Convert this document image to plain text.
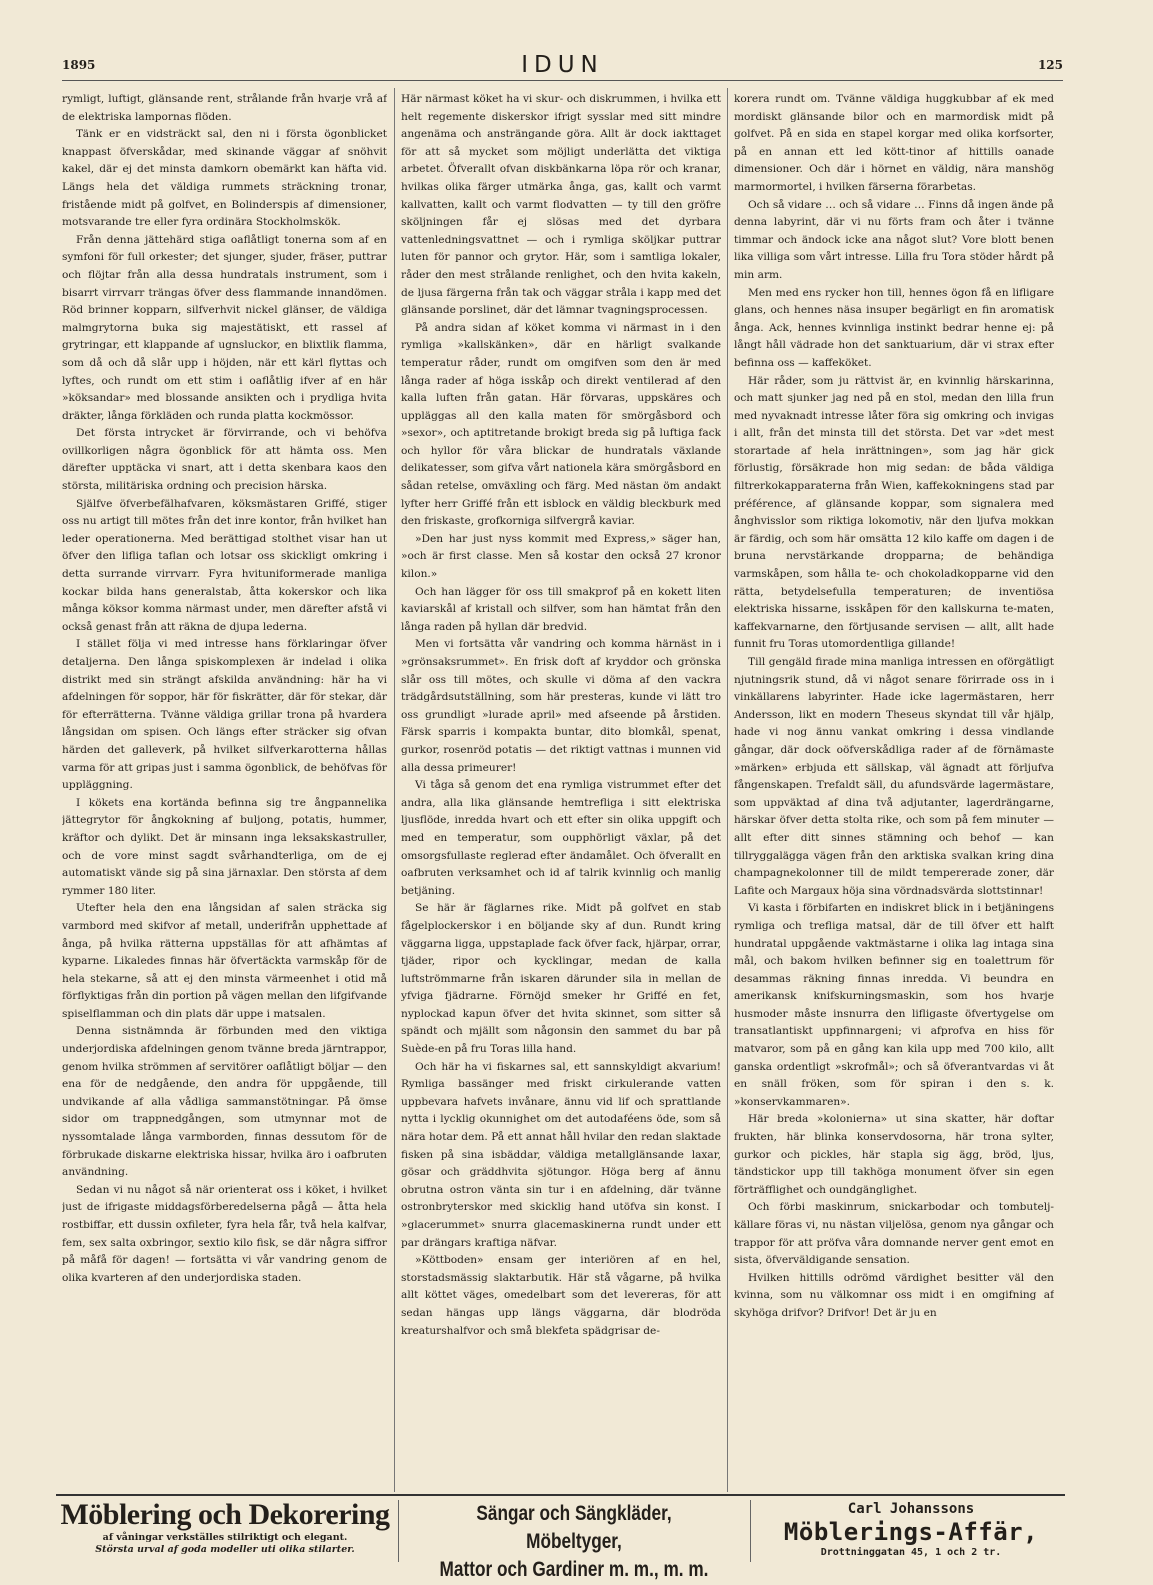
1895	IDUN	125

rymligt, luftigt, glänsande rent, strålande från hvarje vrå af de elektriska lampornas flöden.

Tänk er en vidsträckt sal, den ni i första ögonblicket knappast öfverskådar, med skinande väggar af snöhvit kakel, där ej det minsta damkorn obemärkt kan häfta vid. Längs hela det väldiga rummets sträckning tronar, fristående midt på golfvet, en Bolinderspis af dimensioner, motsvarande tre eller fyra ordinära Stockholmskök.

Från denna jättehärd stiga oaflåtligt tonerna som af en symfoni för full orkester; det sjunger, sjuder, fräser, puttrar och flöjtar från alla dessa hundratals instrument, som i bisarrt virrvarr trängas öfver dess flammande innandömen. Röd brinner kopparn, silfverhvit nickel glänser, de väldiga malmgrytorna buka sig majestätiskt, ett rassel af grytringar, ett klappande af ugnsluckor, en blixtlik flamma, som då och då slår upp i höjden, när ett kärl flyttas och lyftes, och rundt om ett stim i oaflåtlig ifver af en här »köksandar» med blossande ansikten och i prydliga hvita dräkter, långa förkläden och runda platta kockmössor.

Det första intrycket är förvirrande, och vi behöfva ovillkorligen några ögonblick för att hämta oss. Men därefter upptäcka vi snart, att i detta skenbara kaos den största, militäriska ordning och precision härska.

Själfve öfverbefälhafvaren, köksmästaren Griffé, stiger oss nu artigt till mötes från det inre kontor, från hvilket han leder operationerna. Med berättigad stolthet visar han ut öfver den lifliga taflan och lotsar oss skickligt omkring i detta surrande virrvarr. Fyra hvituniformerade manliga kockar bilda hans generalstab, åtta kokerskor och lika många köksor komma närmast under, men därefter afstå vi också genast från att räkna de djupa lederna.

I stället följa vi med intresse hans förklaringar öfver detaljerna. Den långa spiskomplexen är indelad i olika distrikt med sin strängt afskilda användning: här ha vi afdelningen för soppor, här för fiskrätter, där för stekar, där för efterrätterna. Tvänne väldiga grillar trona på hvardera långsidan om spisen. Och längs efter sträcker sig ofvan härden det galleverk, på hvilket silfverkarotterna hållas varma för att gripas just i samma ögonblick, de behöfvas för uppläggning.

I kökets ena kortända befinna sig tre ångpannelika jättegrytor för ångkokning af buljong, potatis, hummer, kräftor och dylikt. Det är minsann inga leksakskastruller, och de vore minst sagdt svårhandterliga, om de ej automatiskt vände sig på sina järnaxlar. Den största af dem rymmer 180 liter.

Utefter hela den ena långsidan af salen sträcka sig varmbord med skifvor af metall, underifrån upphettade af ånga, på hvilka rätterna uppställas för att afhämtas af kyparne. Likaledes finnas här öfvertäckta varmskåp för de hela stekarne, så att ej den minsta värmeenhet i otid må förflyktigas från din portion på vägen mellan den lifgifvande spiselflamman och din plats där uppe i matsalen.

Denna sistnämnda är förbunden med den viktiga underjordiska afdelningen genom tvänne breda järntrappor, genom hvilka strömmen af servitörer oaflåtligt böljar — den ena för de nedgående, den andra för uppgående, till undvikande af alla vådliga sammanstötningar. På ömse sidor om trappnedgången, som utmynnar mot de nyssomtalade långa varmborden, finnas dessutom för de förbrukade diskarne elektriska hissar, hvilka äro i oafbruten användning.

Sedan vi nu något så när orienterat oss i köket, i hvilket just de ifrigaste middagsförberedelserna pågå — åtta hela rostbiffar, ett dussin oxfileter, fyra hela får, två hela kalfvar, fem, sex salta oxbringor, sextio kilo fisk, se där några siffror på måfå för dagen! — fortsätta vi vår vandring genom de olika kvarteren af den underjordiska staden.

Här närmast köket ha vi skur- och diskrummen, i hvilka ett helt regemente diskerskor ifrigt sysslar med sitt mindre angenäma och ansträngande göra. Allt är dock iakttaget för att så mycket som möjligt underlätta det viktiga arbetet. Öfverallt ofvan diskbänkarna löpa rör och kranar, hvilkas olika färger utmärka ånga, gas, kallt och varmt kallvatten, kallt och varmt flodvatten — ty till den gröfre sköljningen får ej slösas med det dyrbara vattenledningsvattnet — och i rymliga sköljkar puttrar luten för pannor och grytor. Här, som i samtliga lokaler, råder den mest strålande renlighet, och den hvita kakeln, de ljusa färgerna från tak och väggar stråla i kapp med det glänsande porslinet, där det lämnar tvagningsprocessen.

På andra sidan af köket komma vi närmast in i den rymliga »kallskänken», där en härligt svalkande temperatur råder, rundt om omgifven som den är med långa rader af höga isskåp och direkt ventilerad af den kalla luften från gatan. Här förvaras, uppskäres och uppläggas all den kalla maten för smörgåsbord och »sexor», och aptitretande brokigt breda sig på luftiga fack och hyllor för våra blickar de hundratals växlande delikatesser, som gifva vårt nationela kära smörgåsbord en sådan retelse, omväxling och färg. Med nästan öm andakt lyfter herr Griffé från ett isblock en väldig bleckburk med den friskaste, grofkorniga silfvergrå kaviar.

»Den har just nyss kommit med Express,» säger han, »och är first classe. Men så kostar den också 27 kronor kilon.»

Och han lägger för oss till smakprof på en kokett liten kaviarskål af kristall och silfver, som han hämtat från den långa raden på hyllan där bredvid.

Men vi fortsätta vår vandring och komma härnäst in i »grönsaksrummet». En frisk doft af kryddor och grönska slår oss till mötes, och skulle vi döma af den vackra trädgårdsutställning, som här presteras, kunde vi lätt tro oss grundligt »lurade april» med afseende på årstiden. Färsk sparris i kompakta buntar, dito blomkål, spenat, gurkor, rosenröd potatis — det riktigt vattnas i munnen vid alla dessa primeurer!

Vi tåga så genom det ena rymliga vistrummet efter det andra, alla lika glänsande hemtrefliga i sitt elektriska ljusflöde, inredda hvart och ett efter sin olika uppgift och med en temperatur, som oupphörligt växlar, på det omsorgsfullaste reglerad efter ändamålet. Och öfverallt en oafbruten verksamhet och id af talrik kvinnlig och manlig betjäning.

Se här är fäglarnes rike. Midt på golfvet en stab fågelplockerskor i en böljande sky af dun. Rundt kring väggarna ligga, uppstaplade fack öfver fack, hjärpar, orrar, tjäder, ripor och kycklingar, medan de kalla luftströmmarne från iskaren därunder sila in mellan de yfviga fjädrarne. Förnöjd smeker hr Griffé en fet, nyplockad kapun öfver det hvita skinnet, som sitter så spändt och mjällt som någonsin den sammet du bar på Suède-en på fru Toras lilla hand.

Och här ha vi fiskarnes sal, ett sannskyldigt akvarium! Rymliga bassänger med friskt cirkulerande vatten uppbevara hafvets invånare, ännu vid lif och sprattlande nytta i lycklig okunnighet om det autodaféens öde, som så nära hotar dem. På ett annat håll hvilar den redan slaktade fisken på sina isbäddar, väldiga metallglänsande laxar, gösar och gräddhvita sjötungor. Höga berg af ännu obrutna ostron vänta sin tur i en afdelning, där tvänne ostronbryterskor med skicklig hand utöfva sin konst. I »glacerummet» snurra glacemaskinerna rundt under ett par drängars kraftiga näfvar.

»Köttboden» ensam ger interiören af en hel, storstadsmässig slaktarbutik. Här stå vågarne, på hvilka allt köttet väges, omedelbart som det levereras, för att sedan hängas upp längs väggarna, där blodröda kreaturshalfvor och små blekfeta spädgrisar de-

korera rundt om. Tvänne väldiga huggkubbar af ek med mordiskt glänsande bilor och en marmordisk midt på golfvet. På en sida en stapel korgar med olika korfsorter, på en annan ett led kött-tinor af hittills oanade dimensioner. Och där i hörnet en väldig, nära manshög marmormortel, i hvilken färserna förarbetas.

Och så vidare … och så vidare … Finns då ingen ände på denna labyrint, där vi nu förts fram och åter i tvänne timmar och ändock icke ana något slut? Vore blott benen lika villiga som vårt intresse. Lilla fru Tora stöder hårdt på min arm.

Men med ens rycker hon till, hennes ögon få en lifligare glans, och hennes näsa insuper begärligt en fin aromatisk ånga. Ack, hennes kvinnliga instinkt bedrar henne ej: på långt håll vädrade hon det sanktuarium, där vi strax efter befinna oss — kaffeköket.

Här råder, som ju rättvist är, en kvinnlig härskarinna, och matt sjunker jag ned på en stol, medan den lilla frun med nyvaknadt intresse låter föra sig omkring och invigas i allt, från det minsta till det största. Det var »det mest storartade af hela inrättningen», som jag här gick förlustig, försäkrade hon mig sedan: de båda väldiga filtrerkokapparaterna från Wien, kaffekokningens stad par préférence, af glänsande koppar, som signalera med ånghvisslor som riktiga lokomotiv, när den ljufva mokkan är färdig, och som här omsätta 12 kilo kaffe om dagen i de bruna nervstärkande dropparna; de behändiga varmskåpen, som hålla te- och chokoladkopparne vid den rätta, betydelsefulla temperaturen; de inventiösa elektriska hissarne, isskåpen för den kallskurna te-maten, kaffekvarnarne, den förtjusande servisen — allt, allt hade funnit fru Toras utomordentliga gillande!

Till gengäld firade mina manliga intressen en oförgätligt njutningsrik stund, då vi något senare förirrade oss in i vinkällarens labyrinter. Hade icke lagermästaren, herr Andersson, likt en modern Theseus skyndat till vår hjälp, hade vi nog ännu vankat omkring i dessa vindlande gångar, där dock oöfverskådliga rader af de förnämaste »märken» erbjuda ett sällskap, väl ägnadt att förljufva fångenskapen. Trefaldt säll, du afundsvärde lagermästare, som uppväktad af dina två adjutanter, lagerdrängarne, härskar öfver detta stolta rike, och som på fem minuter — allt efter ditt sinnes stämning och behof — kan tillryggalägga vägen från den arktiska svalkan kring dina champagnekolonner till de mildt tempererade zoner, där Lafite och Margaux höja sina vördnadsvärda slottstinnar!

Vi kasta i förbifarten en indiskret blick in i betjäningens rymliga och trefliga matsal, där de till öfver ett halft hundratal uppgående vaktmästarne i olika lag intaga sina mål, och bakom hvilken befinner sig en toalettrum för desammas räkning finnas inredda. Vi beundra en amerikansk knifskurningsmaskin, som hos hvarje husmoder måste insnurra den lifligaste öfvertygelse om transatlantiskt uppfinnargeni; vi afprofva en hiss för matvaror, som på en gång kan kila upp med 700 kilo, allt ganska ordentligt »skrofmål»; och så öfverantvardas vi åt en snäll fröken, som för spiran i den s. k. »konservkammaren».

Här breda »kolonierna» ut sina skatter, här doftar frukten, här blinka konservdosorna, här trona sylter, gurkor och pickles, här stapla sig ägg, bröd, ljus, tändstickor upp till takhöga monument öfver sin egen förträfflighet och oundgänglighet.

Och förbi maskinrum, snickarbodar och tombutelj-källare föras vi, nu nästan viljelösa, genom nya gångar och trappor för att pröfva våra domnande nerver gent emot en sista, öfverväldigande sensation.

Hvilken hittills odrömd värdighet besitter väl den kvinna, som nu välkomnar oss midt i en omgifning af skyhöga drifvor? Drifvor! Det är ju en

Möblering och Dekorering
af våningar verkställes stilriktigt och elegant.
Största urval af goda modeller uti olika stilarter.
Sängar och Sängkläder, Möbeltyger,
Mattor och Gardiner m. m., m. m.
Carl Johanssons
Möblerings-Affär,
Drottninggatan 45, 1 och 2 tr.
